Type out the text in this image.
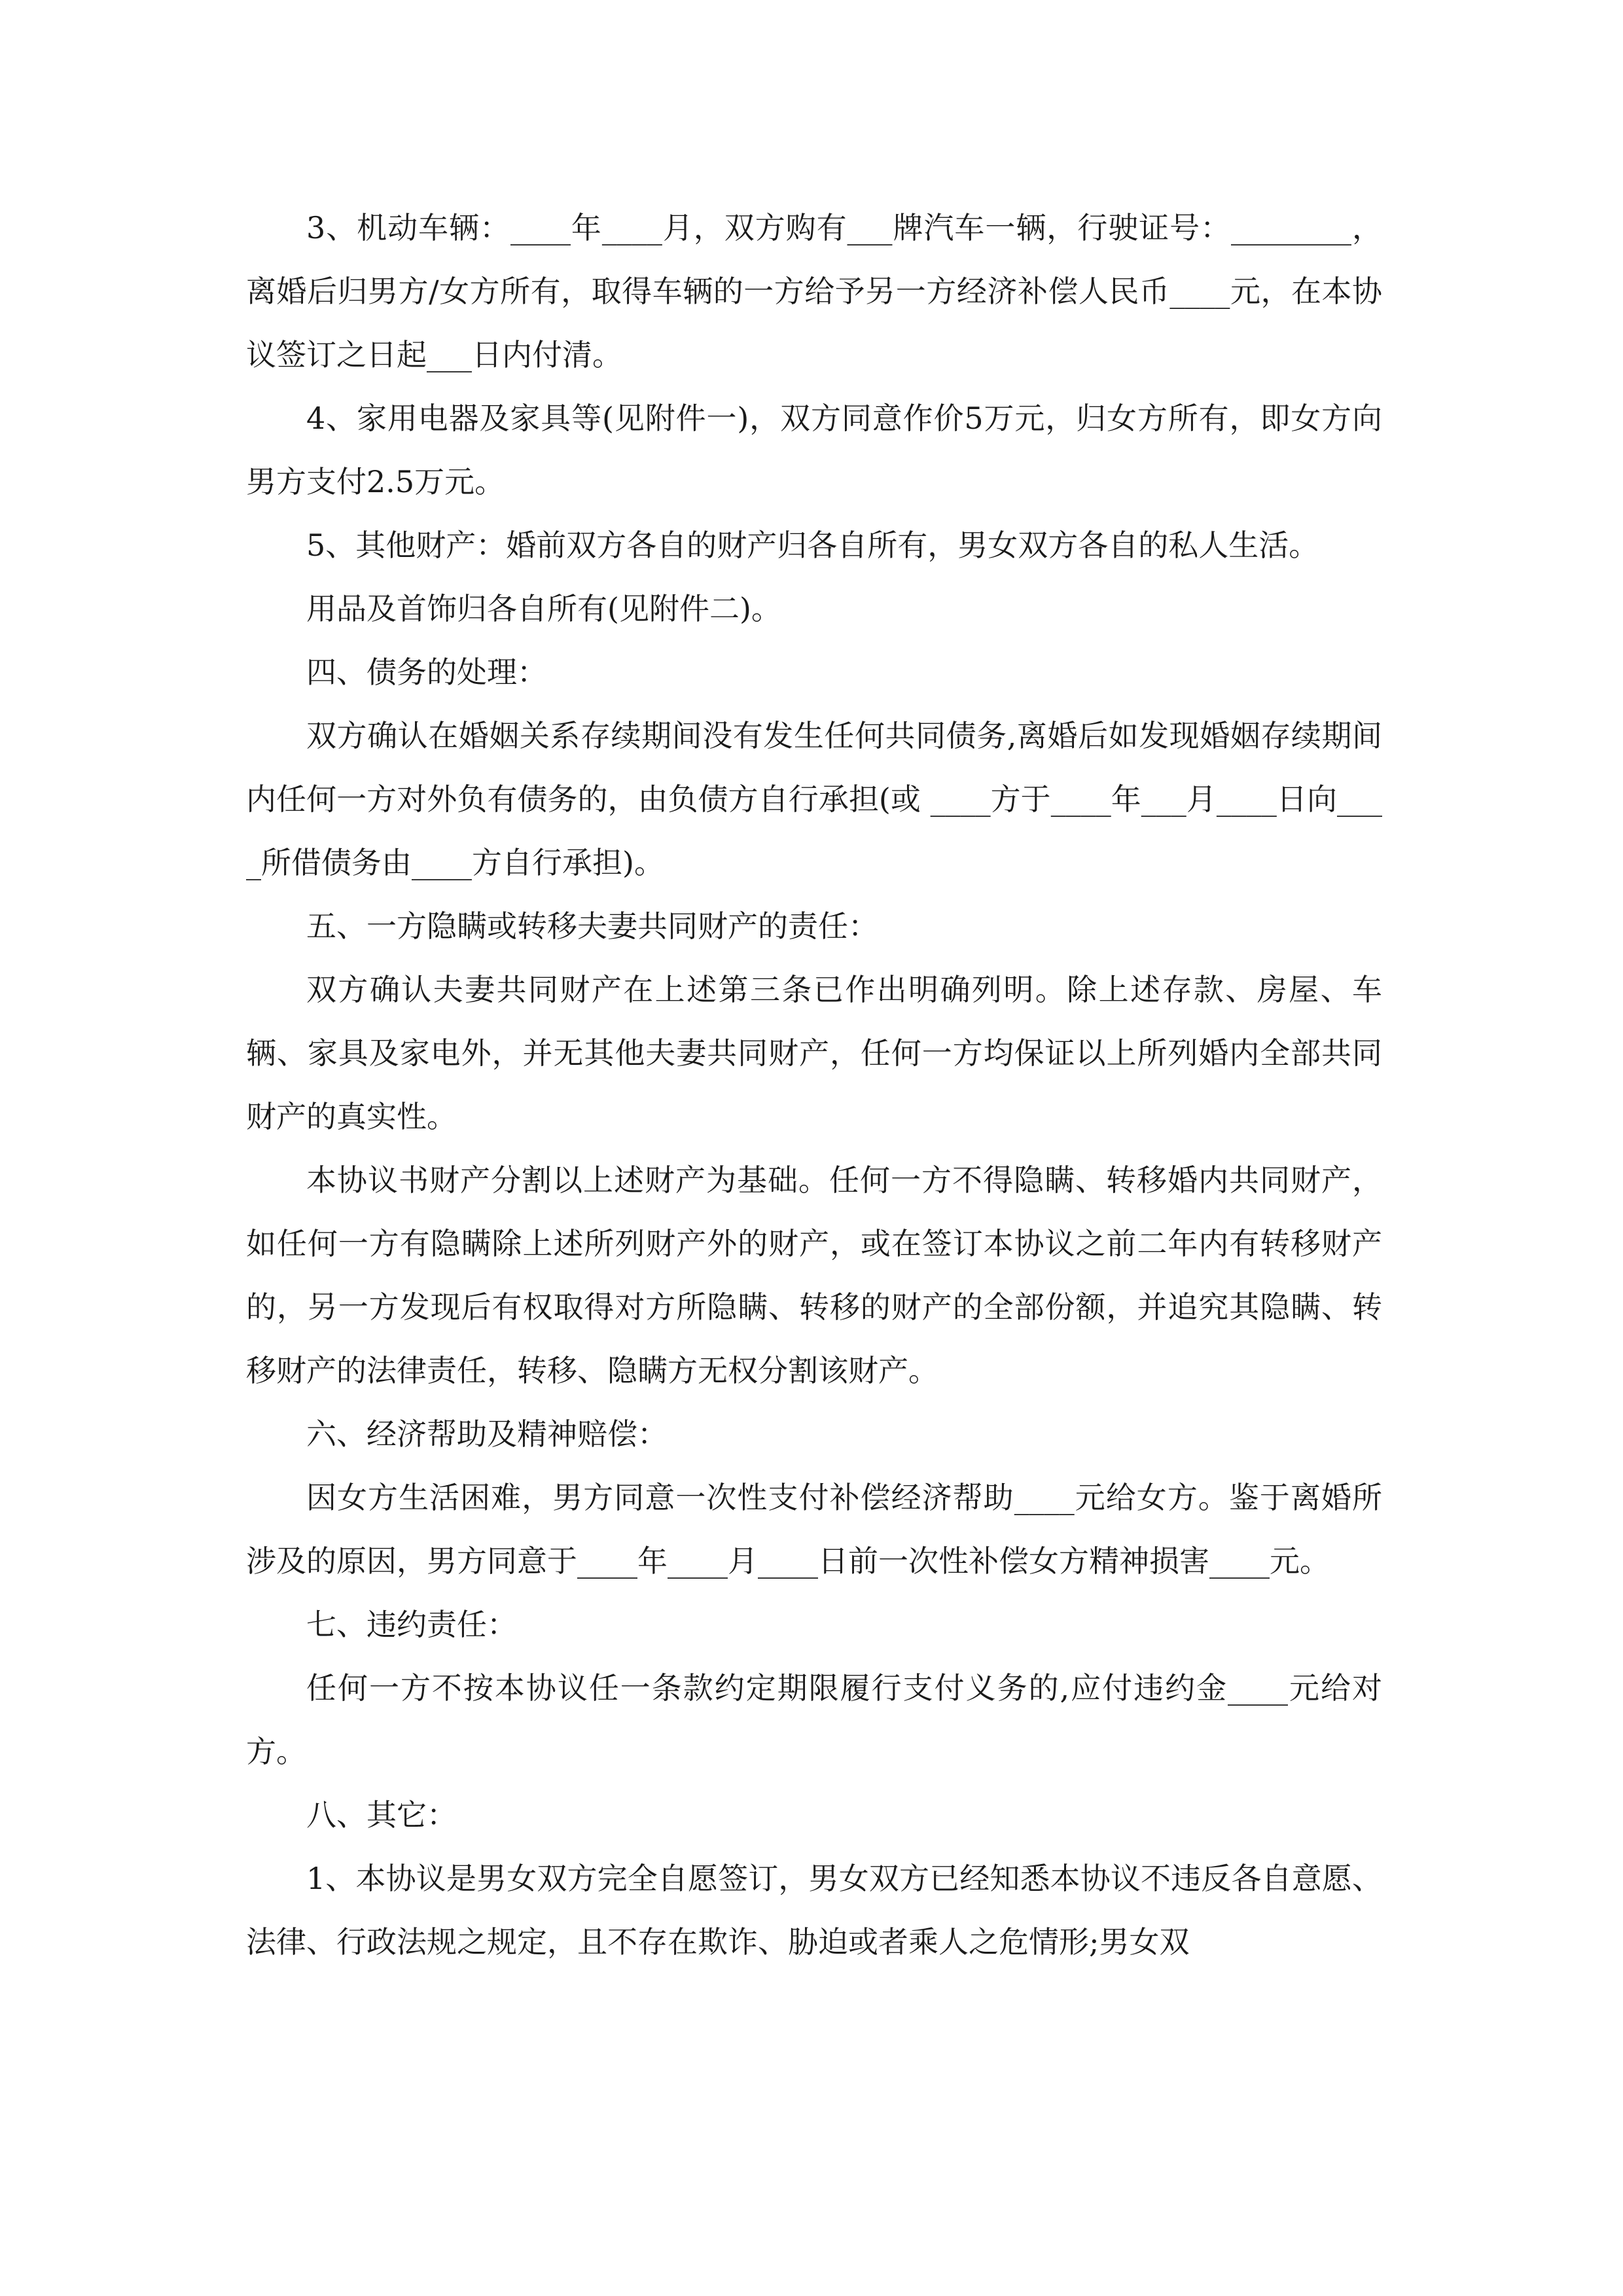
3、机动车辆：____年____月，双方购有___牌汽车一辆，行驶证号：________，离婚后归男方/女方所有，取得车辆的一方给予另一方经济补偿人民币____元，在本协议签订之日起___日内付清。

4、家用电器及家具等(见附件一)，双方同意作价5万元，归女方所有，即女方向男方支付2.5万元。

5、其他财产：婚前双方各自的财产归各自所有，男女双方各自的私人生活。

用品及首饰归各自所有(见附件二)。

四、债务的处理：

双方确认在婚姻关系存续期间没有发生任何共同债务,离婚后如发现婚姻存续期间内任何一方对外负有债务的，由负债方自行承担(或 ____方于____年___月____日向____所借债务由____方自行承担)。

五、一方隐瞒或转移夫妻共同财产的责任：

双方确认夫妻共同财产在上述第三条已作出明确列明。除上述存款、房屋、车辆、家具及家电外，并无其他夫妻共同财产，任何一方均保证以上所列婚内全部共同财产的真实性。

本协议书财产分割以上述财产为基础。任何一方不得隐瞒、转移婚内共同财产，如任何一方有隐瞒除上述所列财产外的财产，或在签订本协议之前二年内有转移财产的，另一方发现后有权取得对方所隐瞒、转移的财产的全部份额，并追究其隐瞒、转移财产的法律责任，转移、隐瞒方无权分割该财产。

六、经济帮助及精神赔偿：

因女方生活困难，男方同意一次性支付补偿经济帮助____元给女方。鉴于离婚所涉及的原因，男方同意于____年____月____日前一次性补偿女方精神损害____元。

七、违约责任：

任何一方不按本协议任一条款约定期限履行支付义务的,应付违约金____元给对方。

八、其它：

1、本协议是男女双方完全自愿签订，男女双方已经知悉本协议不违反各自意愿、法律、行政法规之规定，且不存在欺诈、胁迫或者乘人之危情形;男女双
